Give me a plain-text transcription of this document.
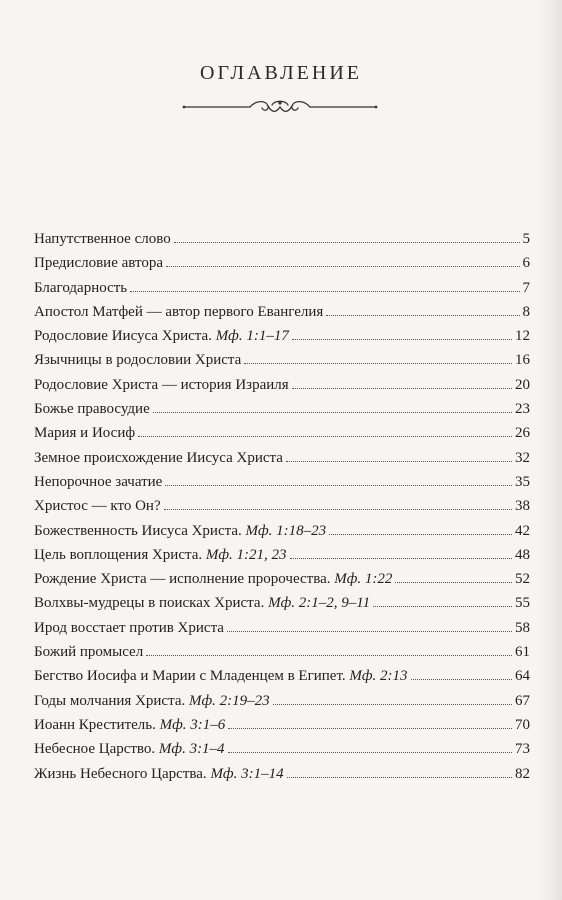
ОГЛАВЛЕНИЕ
Напутственное слово	5
Предисловие автора	6
Благодарность	7
Апостол Матфей — автор первого Евангелия	8
Родословие Иисуса Христа. Мф. 1:1–17	12
Язычницы в родословии Христа	16
Родословие Христа — история Израиля	20
Божье правосудие	23
Мария и Иосиф	26
Земное происхождение Иисуса Христа	32
Непорочное зачатие	35
Христос — кто Он?	38
Божественность Иисуса Христа. Мф. 1:18–23	42
Цель воплощения Христа. Мф. 1:21, 23	48
Рождение Христа — исполнение пророчества. Мф. 1:22	52
Волхвы-мудрецы в поисках Христа. Мф. 2:1–2, 9–11	55
Ирод восстает против Христа	58
Божий промысел	61
Бегство Иосифа и Марии с Младенцем в Египет. Мф. 2:13	64
Годы молчания Христа. Мф. 2:19–23	67
Иоанн Креститель. Мф. 3:1–6	70
Небесное Царство. Мф. 3:1–4	73
Жизнь Небесного Царства. Мф. 3:1–14	82
